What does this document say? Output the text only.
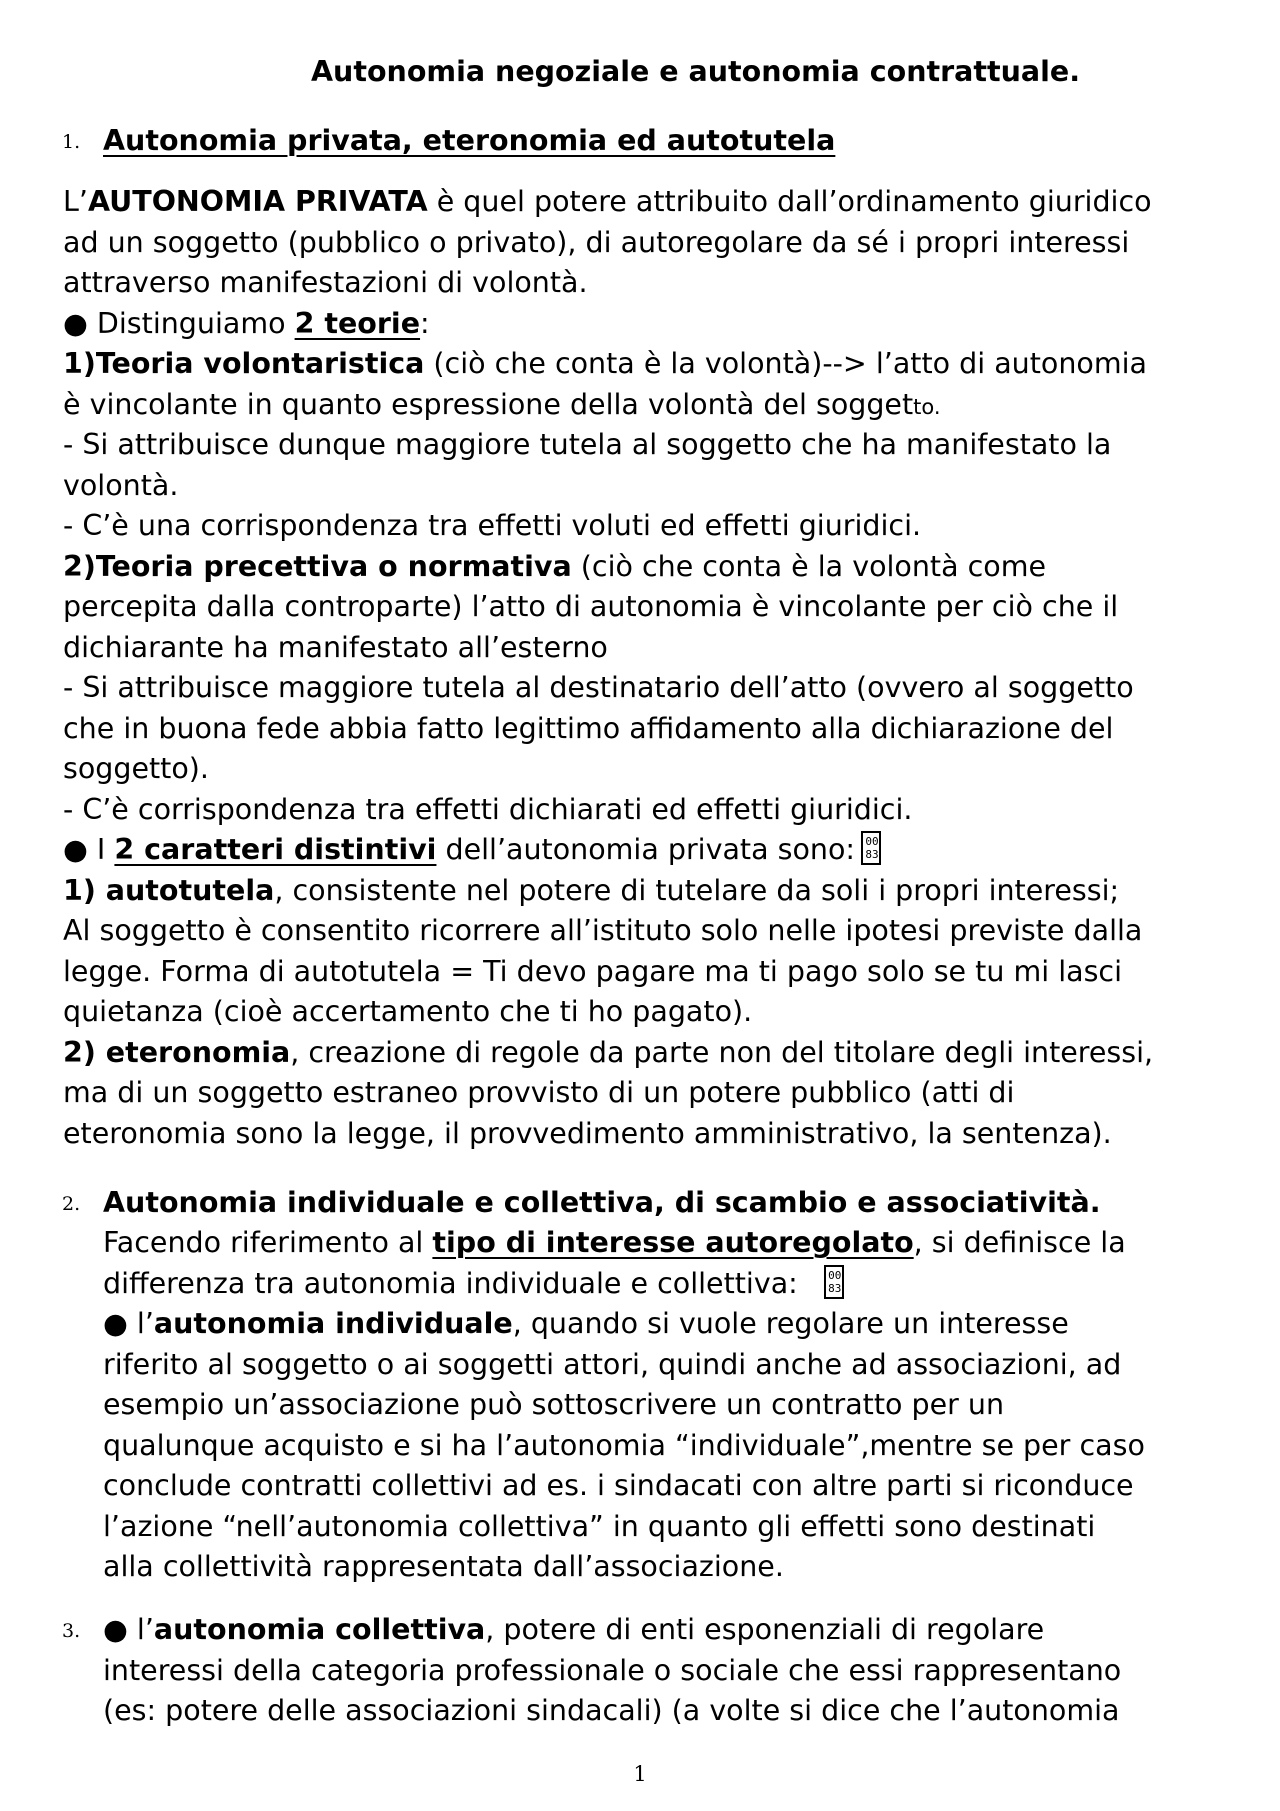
Autonomia negoziale e autonomia contrattuale.
1. Autonomia privata, eteronomia ed autotutela
L’AUTONOMIA PRIVATA è quel potere attribuito dall’ordinamento giuridico
ad un soggetto (pubblico o privato), di autoregolare da sé i propri interessi
attraverso manifestazioni di volontà.
● Distinguiamo 2 teorie:
1)Teoria volontaristica (ciò che conta è la volontà)--> l’atto di autonomia
è vincolante in quanto espressione della volontà del soggetto.
- Si attribuisce dunque maggiore tutela al soggetto che ha manifestato la
volontà.
- C’è una corrispondenza tra effetti voluti ed effetti giuridici.
2)Teoria precettiva o normativa (ciò che conta è la volontà come
percepita dalla controparte) l’atto di autonomia è vincolante per ciò che il
dichiarante ha manifestato all’esterno
- Si attribuisce maggiore tutela al destinatario dell’atto (ovvero al soggetto
che in buona fede abbia fatto legittimo affidamento alla dichiarazione del
soggetto).
- C’è corrispondenza tra effetti dichiarati ed effetti giuridici.
● I 2 caratteri distintivi dell’autonomia privata sono: 00
83
1) autotutela, consistente nel potere di tutelare da soli i propri interessi;
Al soggetto è consentito ricorrere all’istituto solo nelle ipotesi previste dalla
legge. Forma di autotutela = Ti devo pagare ma ti pago solo se tu mi lasci
quietanza (cioè accertamento che ti ho pagato).
2) eteronomia, creazione di regole da parte non del titolare degli interessi,
ma di un soggetto estraneo provvisto di un potere pubblico (atti di
eteronomia sono la legge, il provvedimento amministrativo, la sentenza).
2. Autonomia individuale e collettiva, di scambio e associatività.
Facendo riferimento al tipo di interesse autoregolato, si definisce la
differenza tra autonomia individuale e collettiva:	00
83
● l’autonomia individuale, quando si vuole regolare un interesse
riferito al soggetto o ai soggetti attori, quindi anche ad associazioni, ad
esempio un’associazione può sottoscrivere un contratto per un
qualunque acquisto e si ha l’autonomia “individuale”,mentre se per caso
conclude contratti collettivi ad es. i sindacati con altre parti si riconduce
l’azione “nell’autonomia collettiva” in quanto gli effetti sono destinati
alla collettività rappresentata dall’associazione.
3. ● l’autonomia collettiva, potere di enti esponenziali di regolare
interessi della categoria professionale o sociale che essi rappresentano
(es: potere delle associazioni sindacali) (a volte si dice che l’autonomia
1
